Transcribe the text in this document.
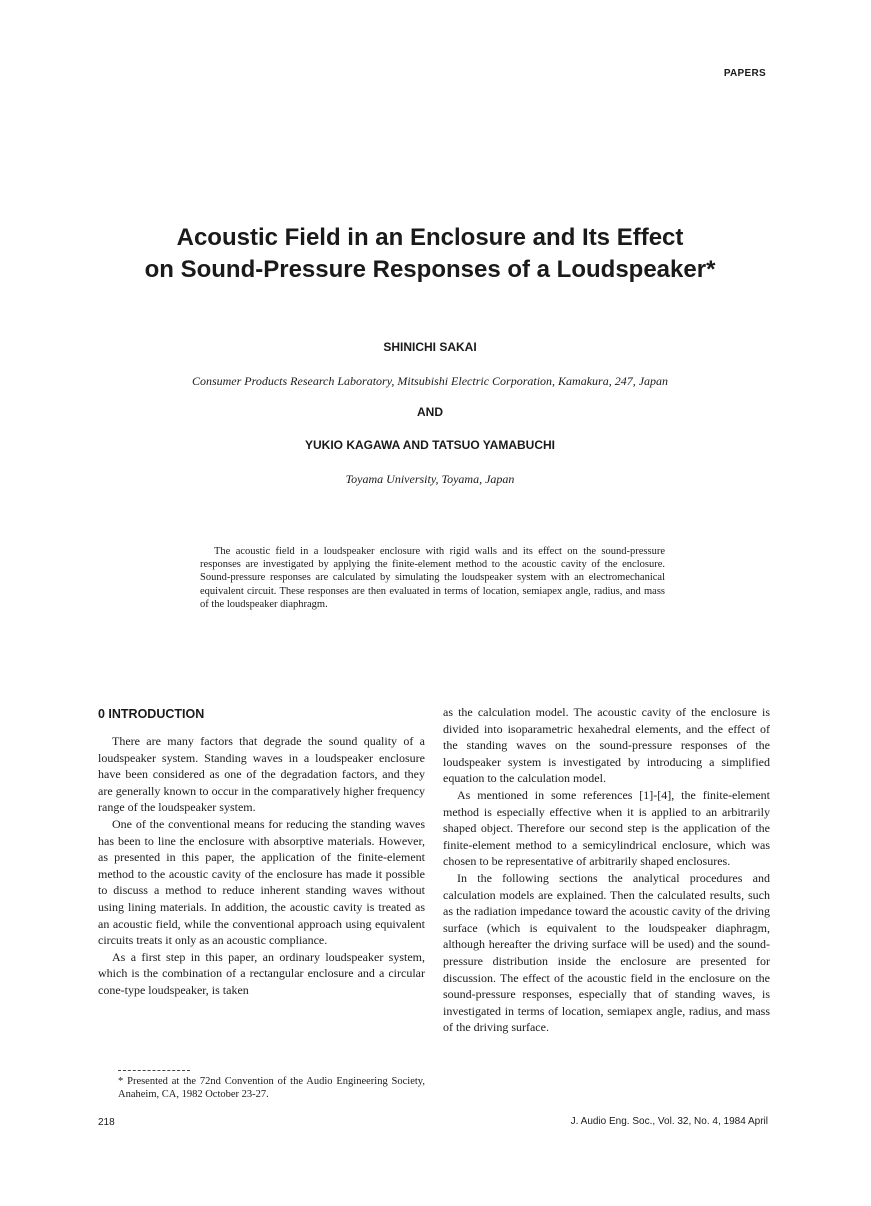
PAPERS
Acoustic Field in an Enclosure and Its Effect
on Sound-Pressure Responses of a Loudspeaker*
SHINICHI SAKAI
Consumer Products Research Laboratory, Mitsubishi Electric Corporation, Kamakura, 247, Japan
AND
YUKIO KAGAWA AND TATSUO YAMABUCHI
Toyama University, Toyama, Japan

The acoustic field in a loudspeaker enclosure with rigid walls and its effect on the sound-pressure responses are investigated by applying the finite-element method to the acoustic cavity of the enclosure. Sound-pressure responses are calculated by simulating the loudspeaker system with an electromechanical equivalent circuit. These responses are then evaluated in terms of location, semiapex angle, radius, and mass of the loudspeaker diaphragm.

0 INTRODUCTION

There are many factors that degrade the sound quality of a loudspeaker system. Standing waves in a loudspeaker enclosure have been considered as one of the degradation factors, and they are generally known to occur in the comparatively higher frequency range of the loudspeaker system.

One of the conventional means for reducing the standing waves has been to line the enclosure with absorptive materials. However, as presented in this paper, the application of the finite-element method to the acoustic cavity of the enclosure has made it possible to discuss a method to reduce inherent standing waves without using lining materials. In addition, the acoustic cavity is treated as an acoustic field, while the conventional approach using equivalent circuits treats it only as an acoustic compliance.

As a first step in this paper, an ordinary loudspeaker system, which is the combination of a rectangular enclosure and a circular cone-type loudspeaker, is taken

as the calculation model. The acoustic cavity of the enclosure is divided into isoparametric hexahedral elements, and the effect of the standing waves on the sound-pressure responses of the loudspeaker system is investigated by introducing a simplified equation to the calculation model.

As mentioned in some references [1]-[4], the finite-element method is especially effective when it is applied to an arbitrarily shaped object. Therefore our second step is the application of the finite-element method to a semicylindrical enclosure, which was chosen to be representative of arbitrarily shaped enclosures.

In the following sections the analytical procedures and calculation models are explained. Then the calculated results, such as the radiation impedance toward the acoustic cavity of the driving surface (which is equivalent to the loudspeaker diaphragm, although hereafter the driving surface will be used) and the sound-pressure distribution inside the enclosure are presented for discussion. The effect of the acoustic field in the enclosure on the sound-pressure responses, especially that of standing waves, is investigated in terms of location, semiapex angle, radius, and mass of the driving surface.

* Presented at the 72nd Convention of the Audio Engineering Society, Anaheim, CA, 1982 October 23-27.
218	J. Audio Eng. Soc., Vol. 32, No. 4, 1984 April
